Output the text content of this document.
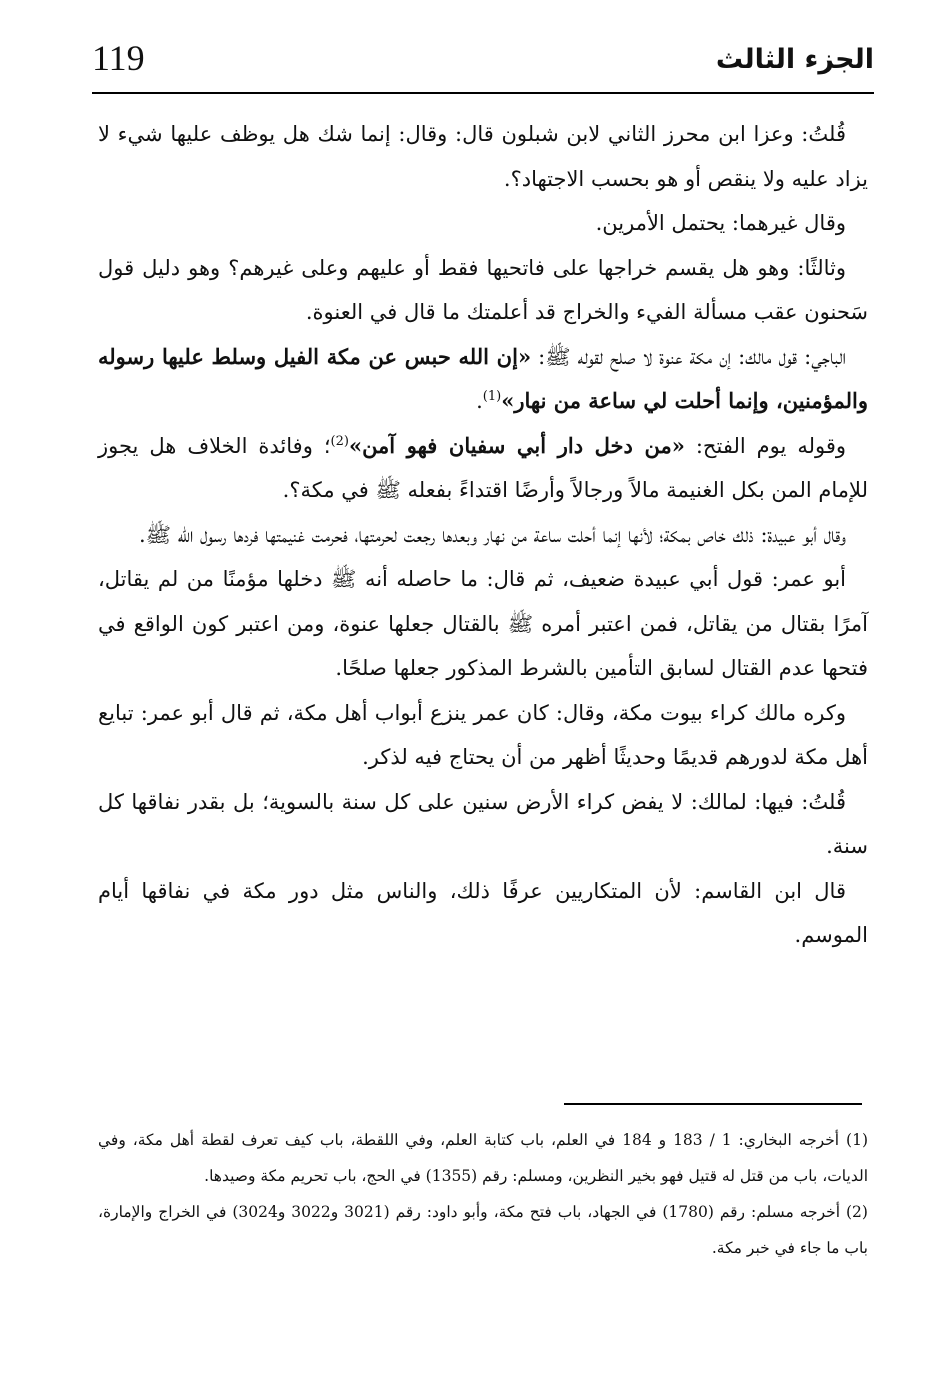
119	الجزء الثالث

قُلتُ: وعزا ابن محرز الثاني لابن شبلون قال: وقال: إنما شك هل يوظف عليها شيء لا يزاد عليه ولا ينقص أو هو بحسب الاجتهاد؟.

وقال غيرهما: يحتمل الأمرين.

وثالثًا: وهو هل يقسم خراجها على فاتحيها فقط أو عليهم وعلى غيرهم؟ وهو دليل قول سَحنون عقب مسألة الفيء والخراج قد أعلمتك ما قال في العنوة.

الباجي: قول مالك: إن مكة عنوة لا صلح لقوله ﷺ: «إن الله حبس عن مكة الفيل وسلط عليها رسوله والمؤمنين، وإنما أحلت لي ساعة من نهار»$^{(1)}$.

وقوله يوم الفتح: «من دخل دار أبي سفيان فهو آمن»$^{(2)}$؛ وفائدة الخلاف هل يجوز للإمام المن بكل الغنيمة مالاً ورجالاً وأرضًا اقتداءً بفعله ﷺ في مكة؟.

وقال أبو عبيدة: ذلك خاص بمكة؛ لأنها إنما أحلت ساعة من نهار وبعدها رجعت لحرمتها، فحرمت غنيمتها فردها رسول الله ﷺ.

أبو عمر: قول أبي عبيدة ضعيف، ثم قال: ما حاصله أنه ﷺ دخلها مؤمنًا من لم يقاتل، آمرًا بقتال من يقاتل، فمن اعتبر أمره ﷺ بالقتال جعلها عنوة، ومن اعتبر كون الواقع في فتحها عدم القتال لسابق التأمين بالشرط المذكور جعلها صلحًا.

وكره مالك كراء بيوت مكة، وقال: كان عمر ينزع أبواب أهل مكة، ثم قال أبو عمر: تبايع أهل مكة لدورهم قديمًا وحديثًا أظهر من أن يحتاج فيه لذكر.

قُلتُ: فيها: لمالك: لا يفض كراء الأرض سنين على كل سنة بالسوية؛ بل بقدر نفاقها كل سنة.

قال ابن القاسم: لأن المتكاريين عرفًا ذلك، والناس مثل دور مكة في نفاقها أيام الموسم.

(1) أخرجه البخاري: 1 / 183 و 184 في العلم، باب كتابة العلم، وفي اللقطة، باب كيف تعرف لقطة أهل مكة، وفي الديات، باب من قتل له قتيل فهو بخير النظرين، ومسلم: رقم (1355) في الحج، باب تحريم مكة وصيدها.

(2) أخرجه مسلم: رقم (1780) في الجهاد، باب فتح مكة، وأبو داود: رقم (3021 و3022 و3024) في الخراج والإمارة، باب ما جاء في خبر مكة.
